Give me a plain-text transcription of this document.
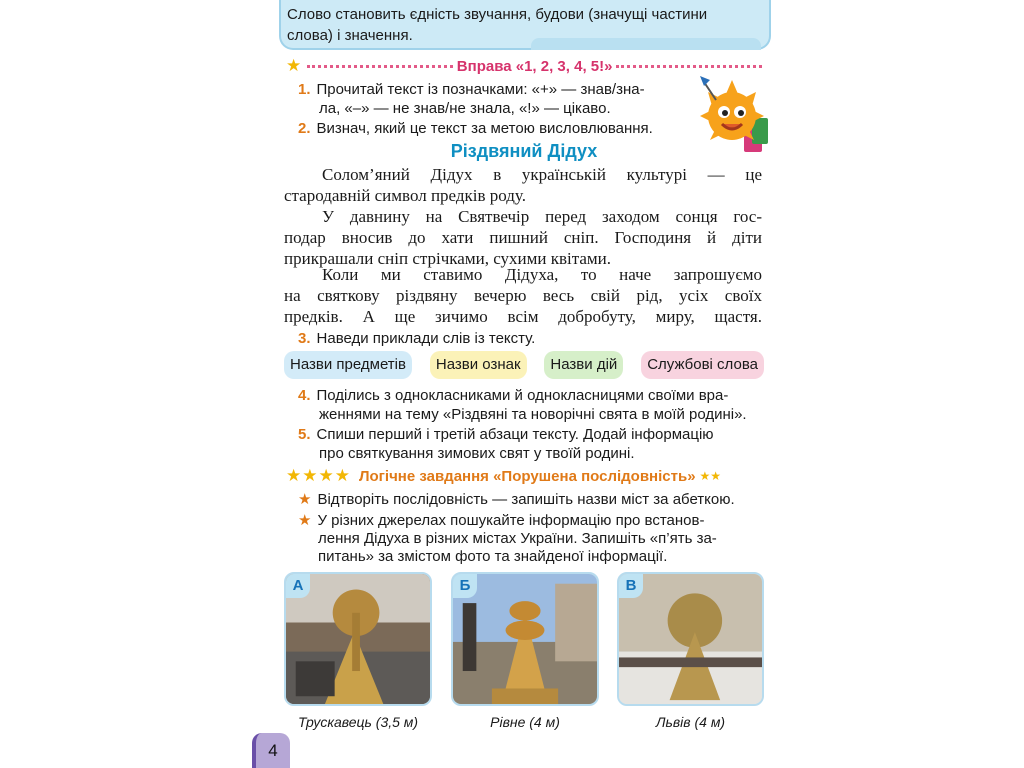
Слово становить єдність звучання, будови (значущі частини
слова) і значення.
★	Вправа «1, 2, 3, 4, 5!»
1. Прочитай текст із позначками: «+» — знав/зна-
ла, «–» — не знав/не знала, «!» — цікаво.
2. Визнач, який це текст за метою висловлювання.
Різдвяний Дідух
Солом’яний Дідух в українській культурі — це
стародавній символ предків роду.
У давнину на Святвечір перед заходом сонця гос-
подар вносив до хати пишний сніп. Господиня й діти
прикрашали сніп стрічками, сухими квітами.
Коли ми ставимо Дідуха, то наче запрошуємо
на святкову різдвяну вечерю весь свій рід, усіх своїх
предків. А ще зичимо всім добробуту, миру, щастя.
3. Наведи приклади слів із тексту.
Назви предметів	Назви ознак	Назви дій	Службові слова
4. Поділись з однокласниками й однокласницями своїми вра-
женнями на тему «Різдвяні та новорічні свята в моїй родині».
5. Спиши перший і третій абзаци тексту. Додай інформацію
про святкування зимових свят у твоїй родині.
★★★★ Логічне завдання «Порушена послідовність» ★★
★ Відтворіть послідовність — запишіть назви міст за абеткою.
★ У різних джерелах пошукайте інформацію про встанов-
лення Дідуха в різних містах України. Запишіть «п’ять за-
питань» за змістом фото та знайденої інформації.
А	Б	В
Трускавець (3,5 м)	Рівне (4 м)	Львів (4 м)
4
